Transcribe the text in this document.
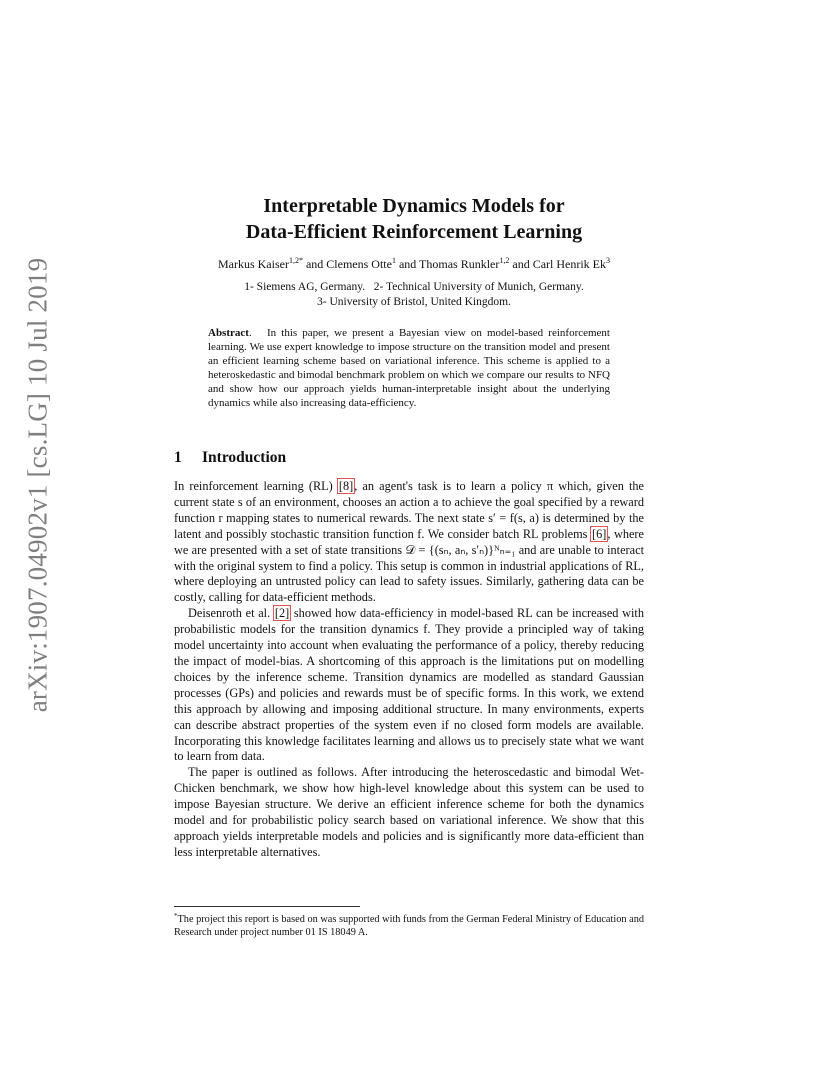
arXiv:1907.04902v1 [cs.LG] 10 Jul 2019
Interpretable Dynamics Models for
Data-Efficient Reinforcement Learning
Markus Kaiser$^{1,2*}$ and Clemens Otte$^1$ and Thomas Runkler$^{1,2}$ and Carl Henrik Ek$^3$
1- Siemens AG, Germany.   2- Technical University of Munich, Germany.
3- University of Bristol, United Kingdom.
Abstract.   In this paper, we present a Bayesian view on model-based reinforcement learning. We use expert knowledge to impose structure on the transition model and present an efficient learning scheme based on variational inference. This scheme is applied to a heteroskedastic and bimodal benchmark problem on which we compare our results to NFQ and show how our approach yields human-interpretable insight about the underlying dynamics while also increasing data-efficiency.
1 Introduction

In reinforcement learning (RL) [8], an agent's task is to learn a policy π which, given the current state s of an environment, chooses an action a to achieve the goal specified by a reward function r mapping states to numerical rewards. The next state s′ = f(s, a) is determined by the latent and possibly stochastic transition function f. We consider batch RL problems [6], where we are presented with a set of state transitions 𝒟 = {(sₙ, aₙ, s′ₙ)}ᴺₙ₌₁ and are unable to interact with the original system to find a policy. This setup is common in industrial applications of RL, where deploying an untrusted policy can lead to safety issues. Similarly, gathering data can be costly, calling for data-efficient methods.

Deisenroth et al. [2] showed how data-efficiency in model-based RL can be increased with probabilistic models for the transition dynamics f. They provide a principled way of taking model uncertainty into account when evaluating the performance of a policy, thereby reducing the impact of model-bias. A shortcoming of this approach is the limitations put on modelling choices by the inference scheme. Transition dynamics are modelled as standard Gaussian processes (GPs) and policies and rewards must be of specific forms. In this work, we extend this approach by allowing and imposing additional structure. In many environments, experts can describe abstract properties of the system even if no closed form models are available. Incorporating this knowledge facilitates learning and allows us to precisely state what we want to learn from data.

The paper is outlined as follows. After introducing the heteroscedastic and bimodal Wet-Chicken benchmark, we show how high-level knowledge about this system can be used to impose Bayesian structure. We derive an efficient inference scheme for both the dynamics model and for probabilistic policy search based on variational inference. We show that this approach yields interpretable models and policies and is significantly more data-efficient than less interpretable alternatives.

*The project this report is based on was supported with funds from the German Federal Ministry of Education and Research under project number 01 IS 18049 A.
